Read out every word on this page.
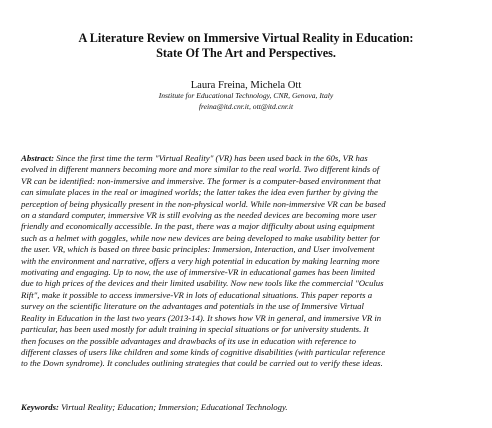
A Literature Review on Immersive Virtual Reality in Education:
State Of The Art and Perspectives.
Laura Freina, Michela Ott
Institute for Educational Technology, CNR, Genova, Italy
freina@itd.cnr.it, ott@itd.cnr.it
Abstract: Since the first time the term "Virtual Reality" (VR) has been used back in the 60s, VR has
evolved in different manners becoming more and more similar to the real world. Two different kinds of
VR can be identified: non-immersive and immersive. The former is a computer-based environment that
can simulate places in the real or imagined worlds; the latter takes the idea even further by giving the
perception of being physically present in the non-physical world. While non-immersive VR can be based
on a standard computer, immersive VR is still evolving as the needed devices are becoming more user
friendly and economically accessible. In the past, there was a major difficulty about using equipment
such as a helmet with goggles, while now new devices are being developed to make usability better for
the user. VR, which is based on three basic principles: Immersion, Interaction, and User involvement
with the environment and narrative, offers a very high potential in education by making learning more
motivating and engaging. Up to now, the use of immersive-VR in educational games has been limited
due to high prices of the devices and their limited usability. Now new tools like the commercial "Oculus
Rift", make it possible to access immersive-VR in lots of educational situations. This paper reports a
survey on the scientific literature on the advantages and potentials in the use of Immersive Virtual
Reality in Education in the last two years (2013-14). It shows how VR in general, and immersive VR in
particular, has been used mostly for adult training in special situations or for university students. It
then focuses on the possible advantages and drawbacks of its use in education with reference to
different classes of users like children and some kinds of cognitive disabilities (with particular reference
to the Down syndrome). It concludes outlining strategies that could be carried out to verify these ideas.
Keywords: Virtual Reality; Education; Immersion; Educational Technology.
